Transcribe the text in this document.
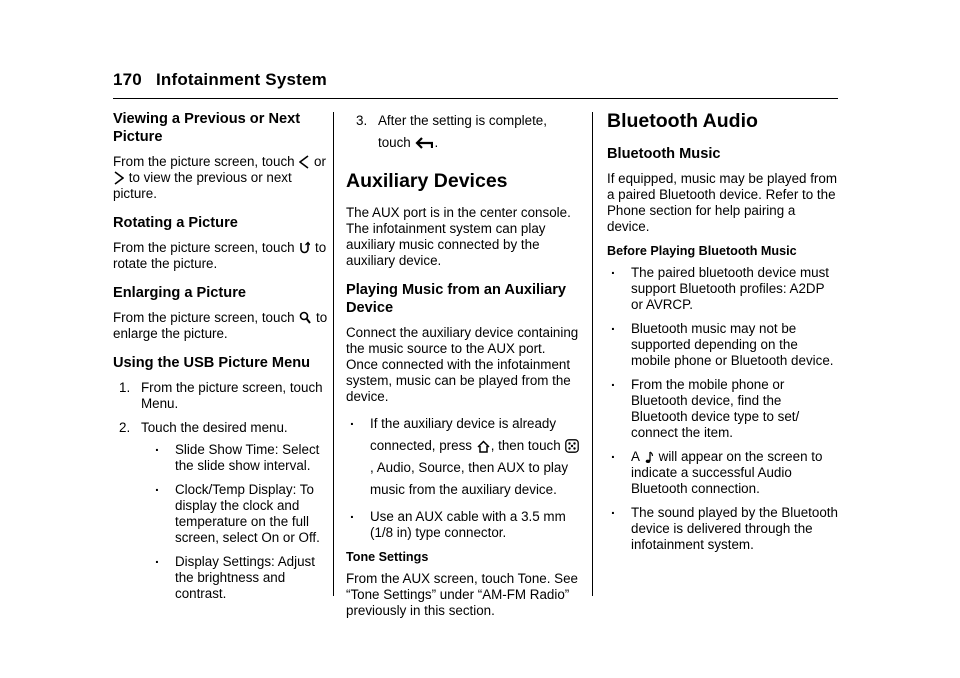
170 Infotainment System
Viewing a Previous or Next Picture

From the picture screen, touch  or
to view the previous or next picture.

Rotating a Picture

From the picture screen, touch  to rotate the picture.

Enlarging a Picture

From the picture screen, touch  to enlarge the picture.

Using the USB Picture Menu
1. From the picture screen, touch Menu.
2. Touch the desired menu.
. Slide Show Time: Select the slide show interval.
. Clock/Temp Display: To display the clock and temperature on the full screen, select On or Off.
. Display Settings: Adjust the brightness and contrast.
3. After the setting is complete, touch .
Auxiliary Devices

The AUX port is in the center console. The infotainment system can play auxiliary music connected by the auxiliary device.

Playing Music from an Auxiliary Device

Connect the auxiliary device containing the music source to the AUX port. Once connected with the infotainment system, music can be played from the device.

. If the auxiliary device is already connected, press , then touch , Audio, Source, then AUX to play music from the auxiliary device.
. Use an AUX cable with a 3.5 mm (1/8 in) type connector.
Tone Settings

From the AUX screen, touch Tone. See “Tone Settings” under “AM-FM Radio” previously in this section.

Bluetooth Audio
Bluetooth Music

If equipped, music may be played from a paired Bluetooth device. Refer to the Phone section for help pairing a device.

Before Playing Bluetooth Music
. The paired bluetooth device must support Bluetooth profiles: A2DP or AVRCP.
. Bluetooth music may not be supported depending on the mobile phone or Bluetooth device.
. From the mobile phone or Bluetooth device, find the Bluetooth device type to set/ connect the item.
. A  will appear on the screen to indicate a successful Audio Bluetooth connection.
. The sound played by the Bluetooth device is delivered through the infotainment system.
